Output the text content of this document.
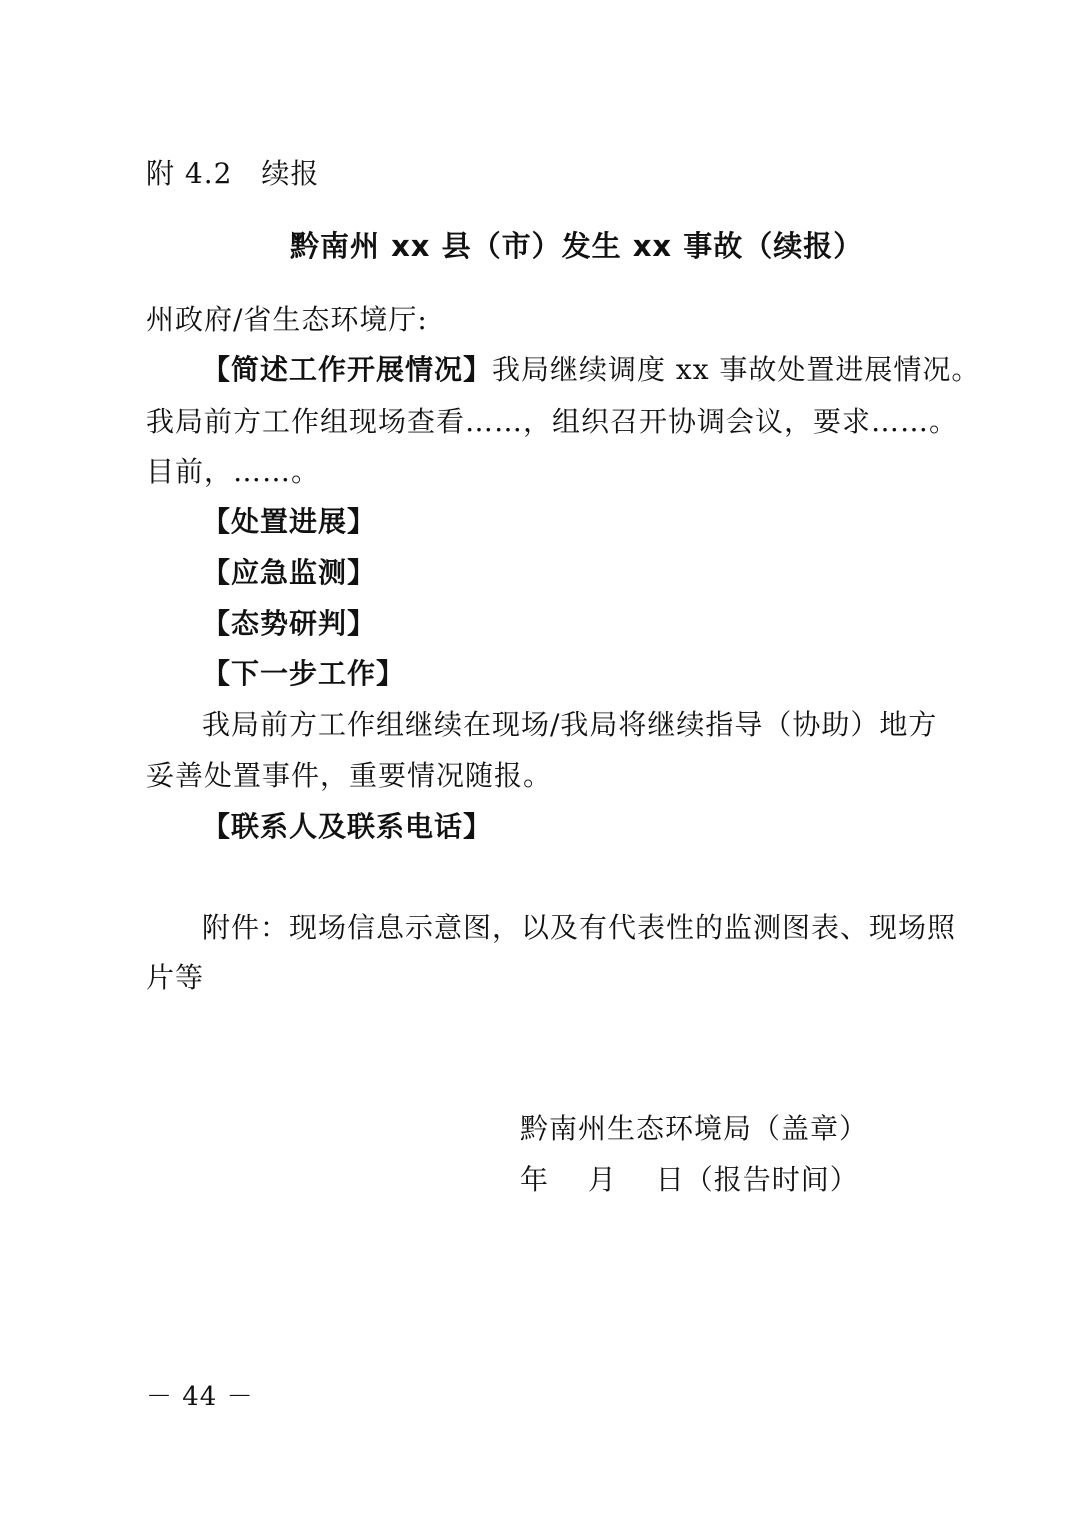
附 4.2　续报
黔南州 xx 县（市）发生 xx 事故（续报）
州政府/省生态环境厅:
【简述工作开展情况】我局继续调度 xx 事故处置进展情况。
我局前方工作组现场查看……，组织召开协调会议，要求……。
目前，……。
【处置进展】
【应急监测】
【态势研判】
【下一步工作】
我局前方工作组继续在现场/我局将继续指导（协助）地方
妥善处置事件，重要情况随报。
【联系人及联系电话】
附件：现场信息示意图，以及有代表性的监测图表、现场照
片等
黔南州生态环境局（盖章）
年　 月　 日（报告时间）
－ 44 －
